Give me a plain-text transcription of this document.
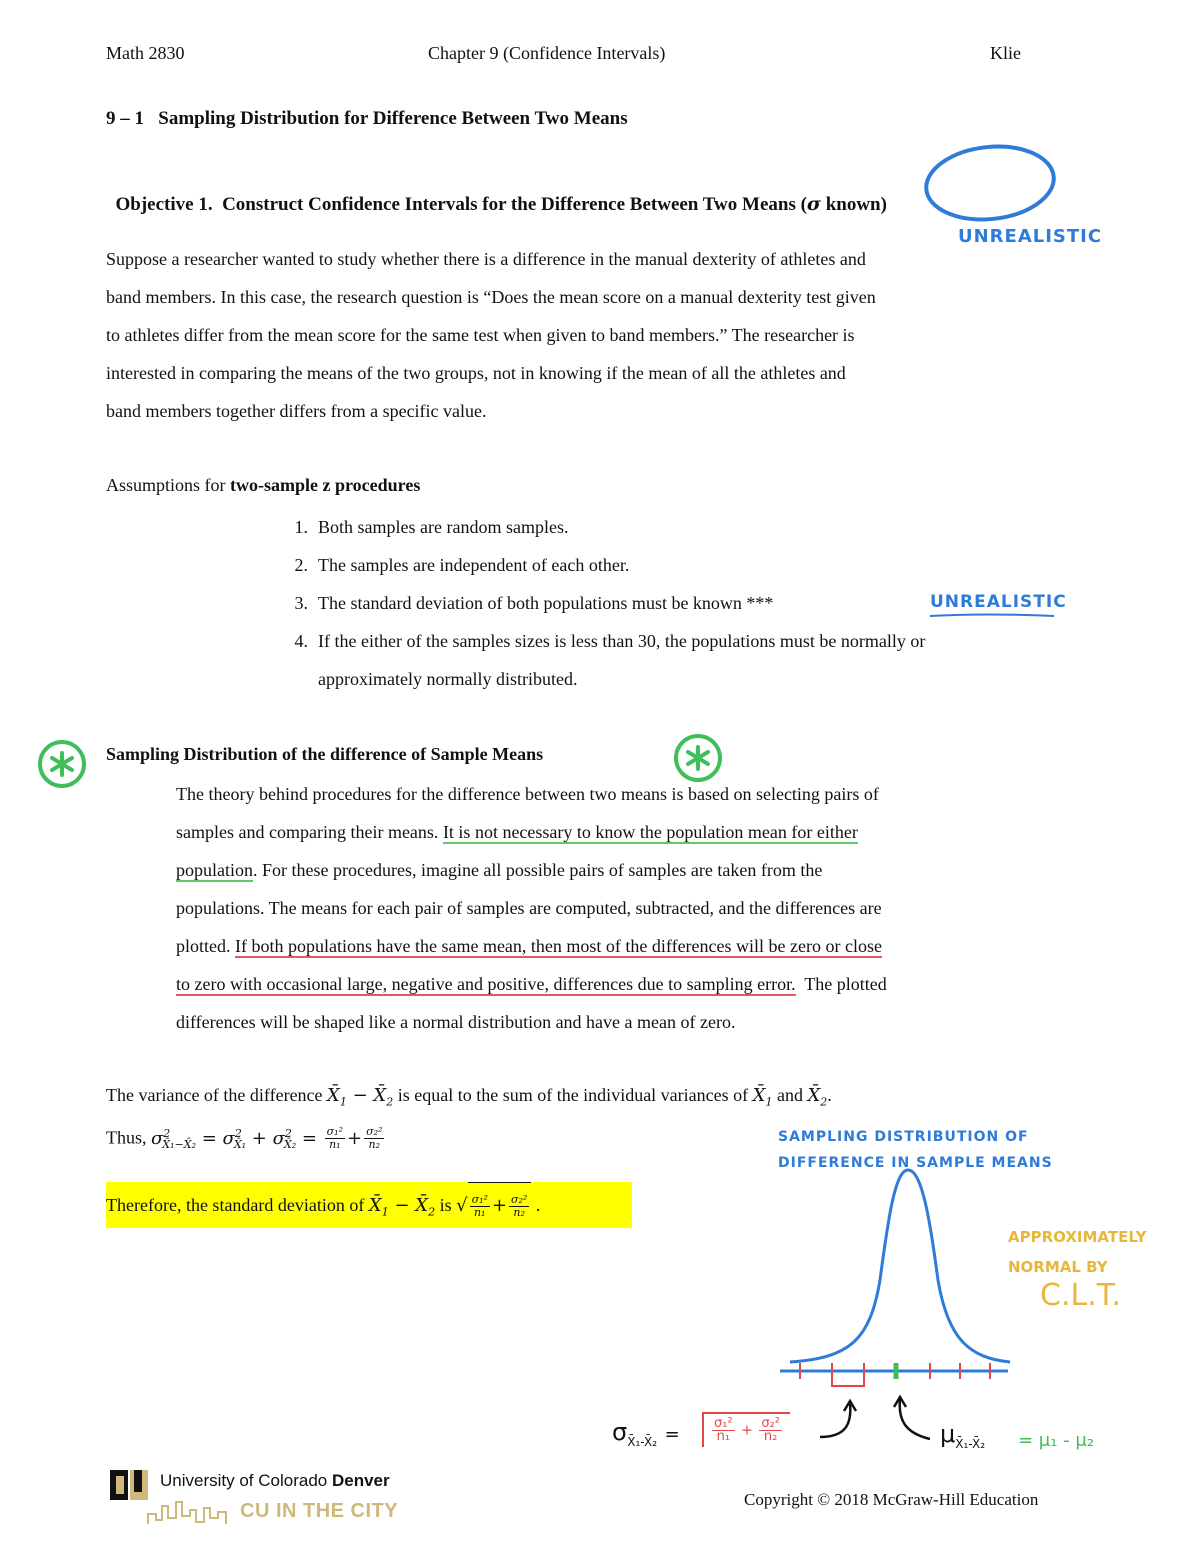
Math 2830	Chapter 9 (Confidence Intervals)	Klie
9 – 1   Sampling Distribution for Difference Between Two Means

Objective 1.  Construct Confidence Intervals for the Difference Between Two Means (σ known)

UNREALISTIC

Suppose a researcher wanted to study whether there is a difference in the manual dexterity of athletes and

band members. In this case, the research question is “Does the mean score on a manual dexterity test given

to athletes differ from the mean score for the same test when given to band members.” The researcher is

interested in comparing the means of the two groups, not in knowing if the mean of all the athletes and

band members together differs from a specific value.

Assumptions for two-sample z procedures
1. Both samples are random samples.
2. The samples are independent of each other.
3. The standard deviation of both populations must be known ***
4. If the either of the samples sizes is less than 30, the populations must be normally or
approximately normally distributed.
UNREALISTIC
Sampling Distribution of the difference of Sample Means

The theory behind procedures for the difference between two means is based on selecting pairs of

samples and comparing their means. It is not necessary to know the population mean for either

population. For these procedures, imagine all possible pairs of samples are taken from the

populations. The means for each pair of samples are computed, subtracted, and the differences are

plotted. If both populations have the same mean, then most of the differences will be zero or close

to zero with occasional large, negative and positive, differences due to sampling error.  The plotted

differences will be shaped like a normal distribution and have a mean of zero.

The variance of the difference $X̄_1$ − $X̄_2$ is equal to the sum of the individual variances of $X̄_1$ and $X̄_2$.
Thus, $\sigma^2_{X̄_1-X̄_2} = \sigma^2_{X̄_1} + \sigma^2_{X̄_2} = \frac{\text{σ₁²}}{\text{n₁}} + \frac{\text{σ₂²}}{\text{n₂}}$
Therefore, the standard deviation of $X̄_1$ − $X̄_2$ is √ $\frac{\text{σ₁²}}{\text{n₁}} + \frac{\text{σ₂²}}{\text{n₂}}$ .
SAMPLING DISTRIBUTION OF
DIFFERENCE IN SAMPLE MEANS
APPROXIMATELY
NORMAL BY
C.L.T.
$\sigma_{X̄_1-X̄_2} = \frac{\text{σ₁²}}{\text{n₁}} + \frac{\text{σ₂²}}{\text{n₂}}$	$\mu_{X̄_1-X̄_2} = \mu_1 - \mu_2$
University of Colorado Denver
CU IN THE CITY
Copyright © 2018 McGraw-Hill Education
